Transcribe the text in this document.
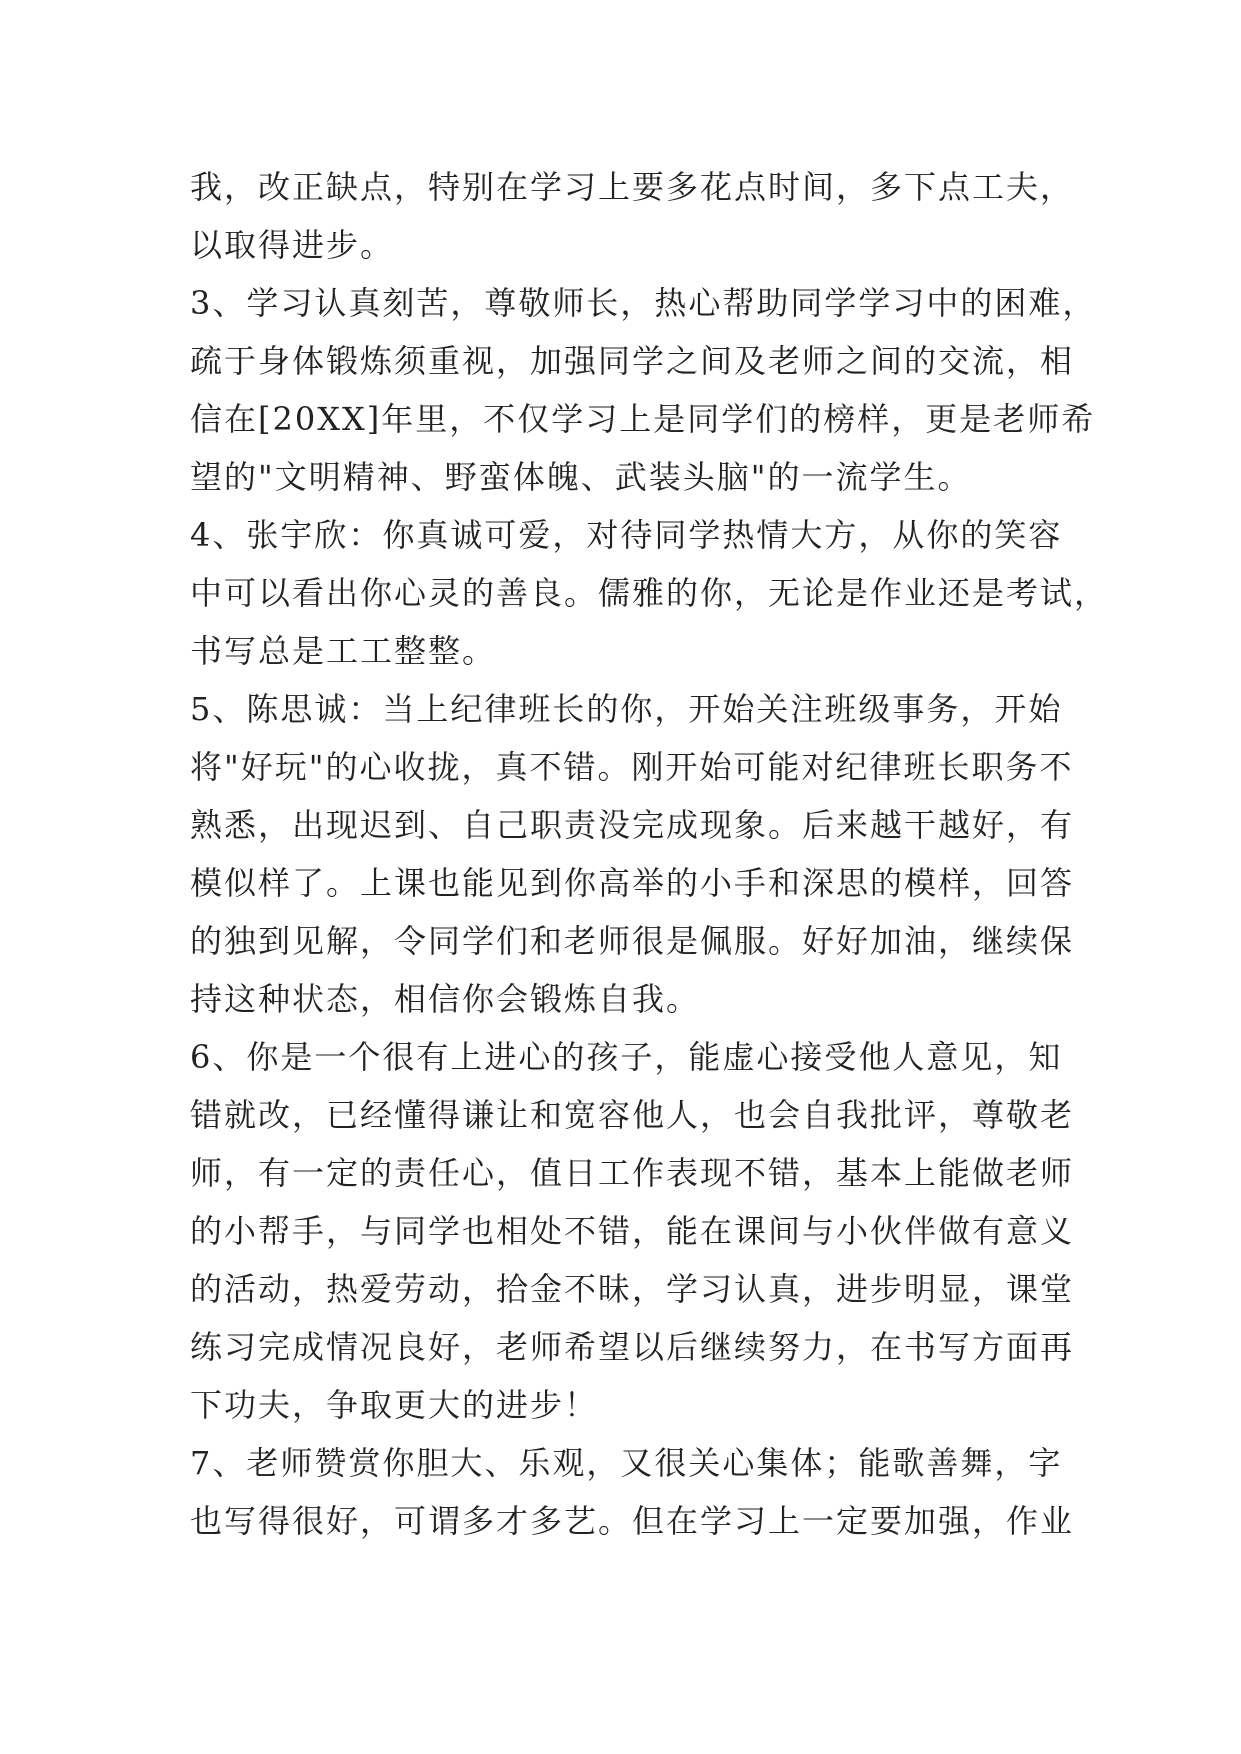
我，改正缺点，特别在学习上要多花点时间，多下点工夫，
以取得进步。
3、学习认真刻苦，尊敬师长，热心帮助同学学习中的困难，
疏于身体锻炼须重视，加强同学之间及老师之间的交流，相
信在[20XX]年里，不仅学习上是同学们的榜样，更是老师希
望的"文明精神、野蛮体魄、武装头脑"的一流学生。
4、张宇欣：你真诚可爱，对待同学热情大方，从你的笑容
中可以看出你心灵的善良。儒雅的你，无论是作业还是考试，
书写总是工工整整。
5、陈思诚：当上纪律班长的你，开始关注班级事务，开始
将"好玩"的心收拢，真不错。刚开始可能对纪律班长职务不
熟悉，出现迟到、自己职责没完成现象。后来越干越好，有
模似样了。上课也能见到你高举的小手和深思的模样，回答
的独到见解，令同学们和老师很是佩服。好好加油，继续保
持这种状态，相信你会锻炼自我。
6、你是一个很有上进心的孩子，能虚心接受他人意见，知
错就改，已经懂得谦让和宽容他人，也会自我批评，尊敬老
师，有一定的责任心，值日工作表现不错，基本上能做老师
的小帮手，与同学也相处不错，能在课间与小伙伴做有意义
的活动，热爱劳动，拾金不昧，学习认真，进步明显，课堂
练习完成情况良好，老师希望以后继续努力，在书写方面再
下功夫，争取更大的进步！
7、老师赞赏你胆大、乐观，又很关心集体；能歌善舞，字
也写得很好，可谓多才多艺。但在学习上一定要加强，作业
